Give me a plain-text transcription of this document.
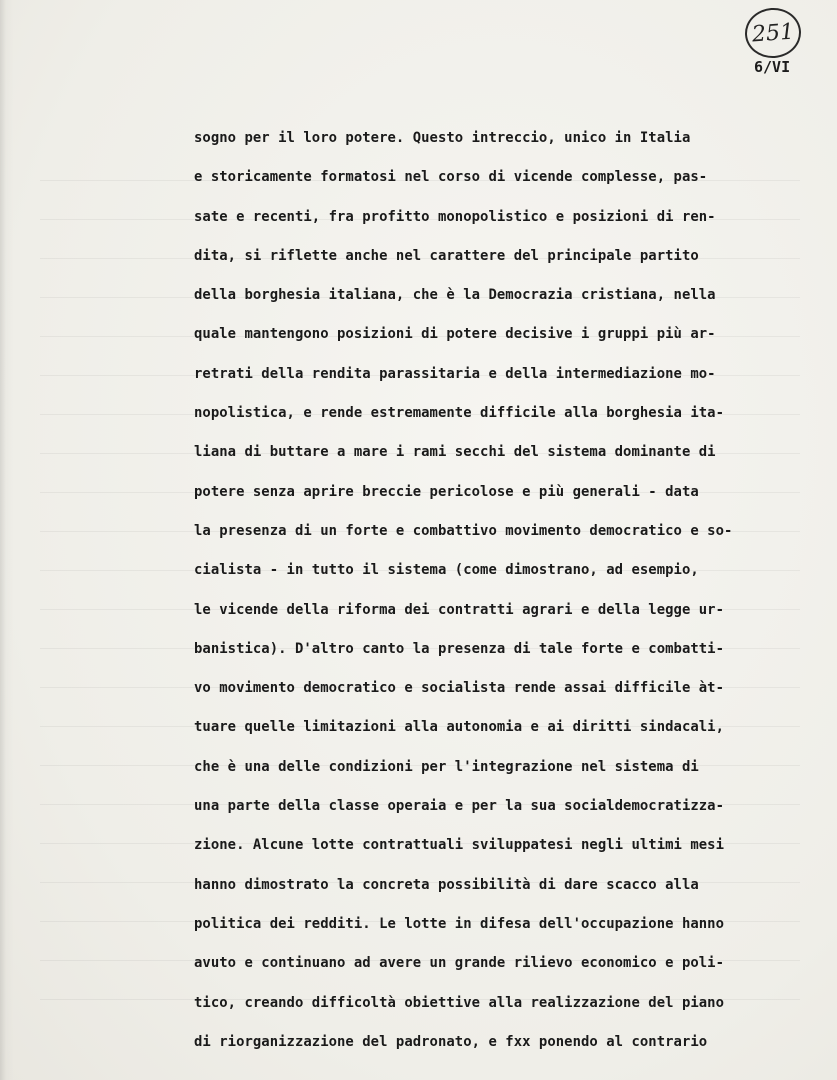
251
6/VI
sogno per il loro potere. Questo intreccio, unico in Italia
e storicamente formatosi nel corso di vicende complesse, pas-
sate e recenti, fra profitto monopolistico e posizioni di ren-
dita, si riflette anche nel carattere del principale partito
della borghesia italiana, che è la Democrazia cristiana, nella
quale mantengono posizioni di potere decisive i gruppi più ar-
retrati della rendita parassitaria e della intermediazione mo-
nopolistica, e rende estremamente difficile alla borghesia ita-
liana di buttare a mare i rami secchi del sistema dominante di
potere senza aprire breccie pericolose e più generali - data
la presenza di un forte e combattivo movimento democratico e so-
cialista - in tutto il sistema (come dimostrano, ad esempio,
le vicende della riforma dei contratti agrari e della legge ur-
banistica). D'altro canto la presenza di tale forte e combatti-
vo movimento democratico e socialista rende assai difficile àt-
tuare quelle limitazioni alla autonomia e ai diritti sindacali,
che è una delle condizioni per l'integrazione nel sistema di
una parte della classe operaia e per la sua socialdemocratizza-
zione. Alcune lotte contrattuali sviluppatesi negli ultimi mesi
hanno dimostrato la concreta possibilità di dare scacco alla
politica dei redditi. Le lotte in difesa dell'occupazione hanno
avuto e continuano ad avere un grande rilievo economico e poli-
tico, creando difficoltà obiettive alla realizzazione del piano
di riorganizzazione del padronato, e fxx ponendo al contrario
